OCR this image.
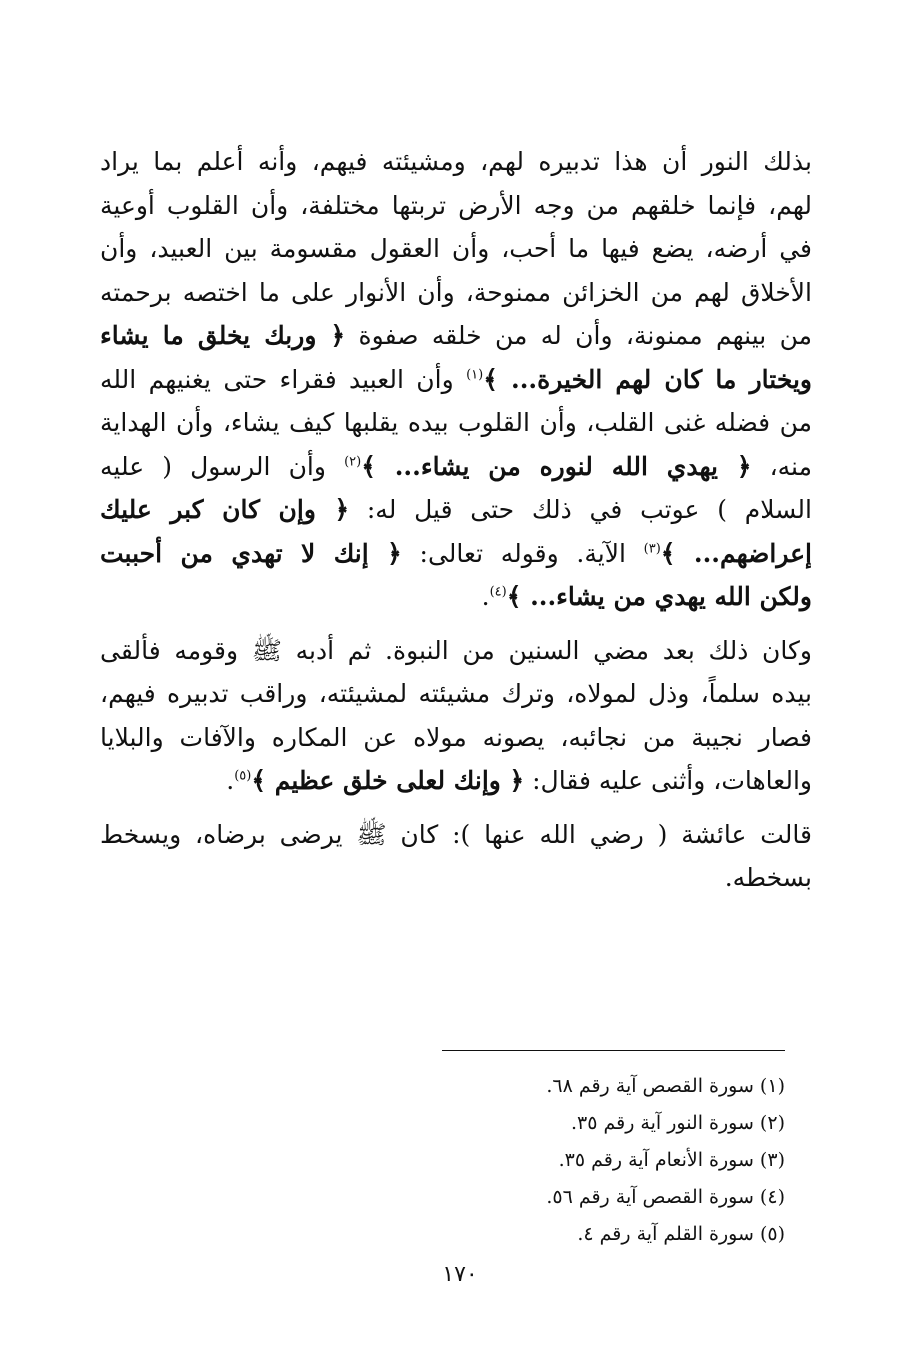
بذلك النور أن هذا تدبيره لهم، ومشيئته فيهم، وأنه أعلم بما يراد
لهم، فإنما خلقهم من وجه الأرض تربتها مختلفة، وأن القلوب أوعية
في أرضه، يضع فيها ما أحب، وأن العقول مقسومة بين العبيد، وأن
الأخلاق لهم من الخزائن ممنوحة، وأن الأنوار على ما اختصه برحمته
من بينهم ممنونة، وأن له من خلقه صفوة ﴿ وربك يخلق ما يشاء
ويختار ما كان لهم الخيرة... ﴾$^{(١)}$ وأن العبيد فقراء حتى يغنيهم الله
من فضله غنى القلب، وأن القلوب بيده يقلبها كيف يشاء، وأن الهداية
منه، ﴿ يهدي الله لنوره من يشاء... ﴾$^{(٢)}$ وأن الرسول ( عليه
السلام ) عوتب في ذلك حتى قيل له: ﴿ وإن كان كبر عليك
إعراضهم... ﴾$^{(٣)}$ الآية. وقوله تعالى: ﴿ إنك لا تهدي من أحببت
ولكن الله يهدي من يشاء... ﴾$^{(٤)}$.

وكان ذلك بعد مضي السنين من النبوة. ثم أدبه ﷺ وقومه فألقى
بيده سلماً، وذل لمولاه، وترك مشيئته لمشيئته، وراقب تدبيره فيهم،
فصار نجيبة من نجائبه، يصونه مولاه عن المكاره والآفات والبلايا
والعاهات، وأثنى عليه فقال: ﴿ وإنك لعلى خلق عظيم ﴾$^{(٥)}$.

قالت عائشة ( رضي الله عنها ): كان ﷺ يرضى برضاه، ويسخط
بسخطه.

(١) سورة القصص آية رقم ٦٨.
(٢) سورة النور آية رقم ٣٥.
(٣) سورة الأنعام آية رقم ٣٥.
(٤) سورة القصص آية رقم ٥٦.
(٥) سورة القلم آية رقم ٤.
١٧٠
